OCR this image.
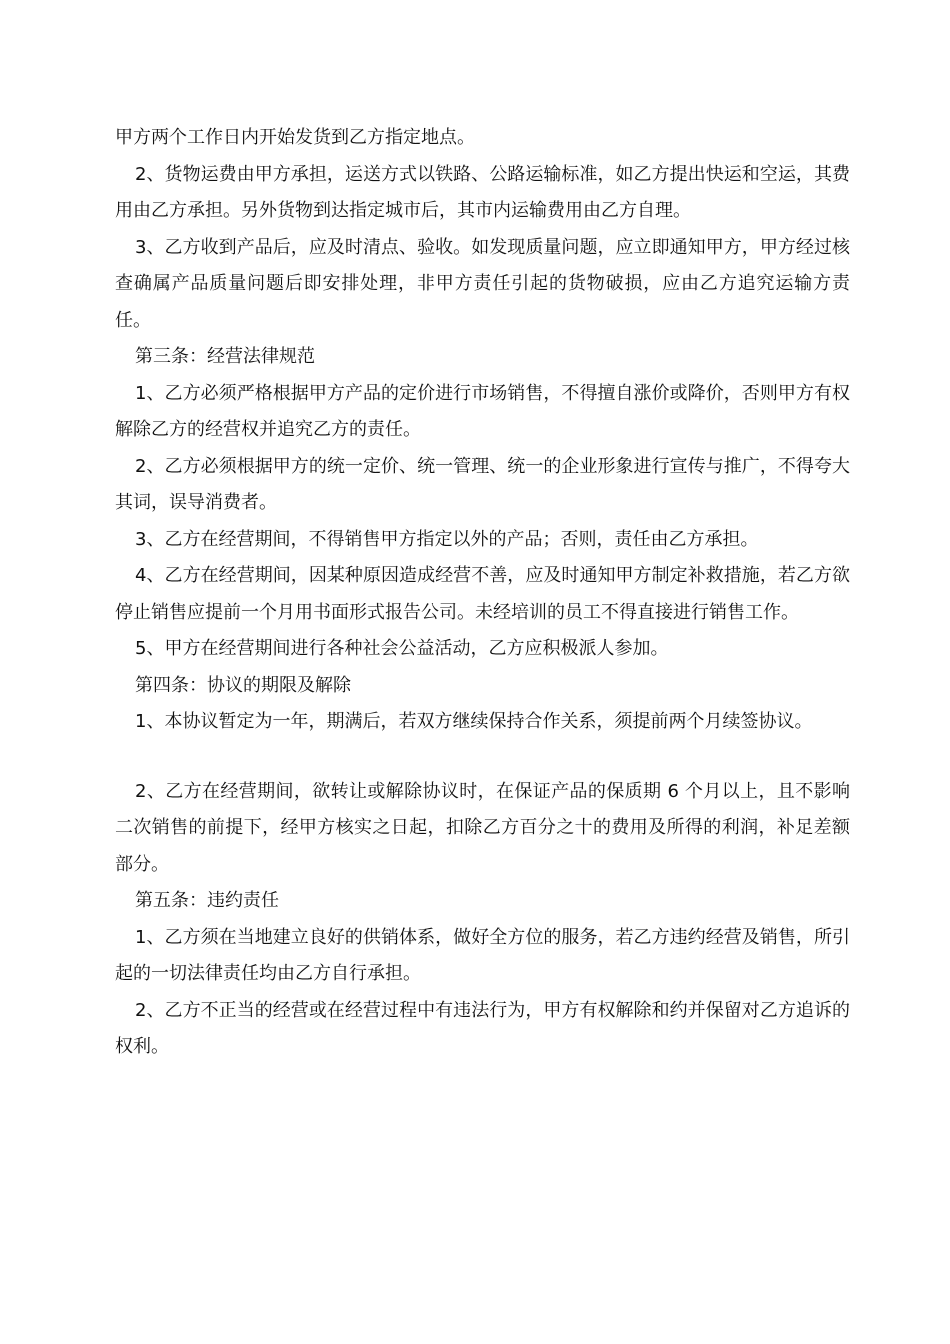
甲方两个工作日内开始发货到乙方指定地点。

2、货物运费由甲方承担，运送方式以铁路、公路运输标准，如乙方提出快运和空运，其费用由乙方承担。另外货物到达指定城市后，其市内运输费用由乙方自理。

3、乙方收到产品后，应及时清点、验收。如发现质量问题，应立即通知甲方，甲方经过核查确属产品质量问题后即安排处理，非甲方责任引起的货物破损，应由乙方追究运输方责任。

第三条：经营法律规范

1、乙方必须严格根据甲方产品的定价进行市场销售，不得擅自涨价或降价，否则甲方有权解除乙方的经营权并追究乙方的责任。

2、乙方必须根据甲方的统一定价、统一管理、统一的企业形象进行宣传与推广，不得夸大其词，误导消费者。

3、乙方在经营期间，不得销售甲方指定以外的产品；否则，责任由乙方承担。

4、乙方在经营期间，因某种原因造成经营不善，应及时通知甲方制定补救措施，若乙方欲停止销售应提前一个月用书面形式报告公司。未经培训的员工不得直接进行销售工作。

5、甲方在经营期间进行各种社会公益活动，乙方应积极派人参加。

第四条：协议的期限及解除

1、本协议暂定为一年，期满后，若双方继续保持合作关系，须提前两个月续签协议。

2、乙方在经营期间，欲转让或解除协议时，在保证产品的保质期 6 个月以上，且不影响二次销售的前提下，经甲方核实之日起，扣除乙方百分之十的费用及所得的利润，补足差额部分。

第五条：违约责任

1、乙方须在当地建立良好的供销体系，做好全方位的服务，若乙方违约经营及销售，所引起的一切法律责任均由乙方自行承担。

2、乙方不正当的经营或在经营过程中有违法行为，甲方有权解除和约并保留对乙方追诉的权利。
